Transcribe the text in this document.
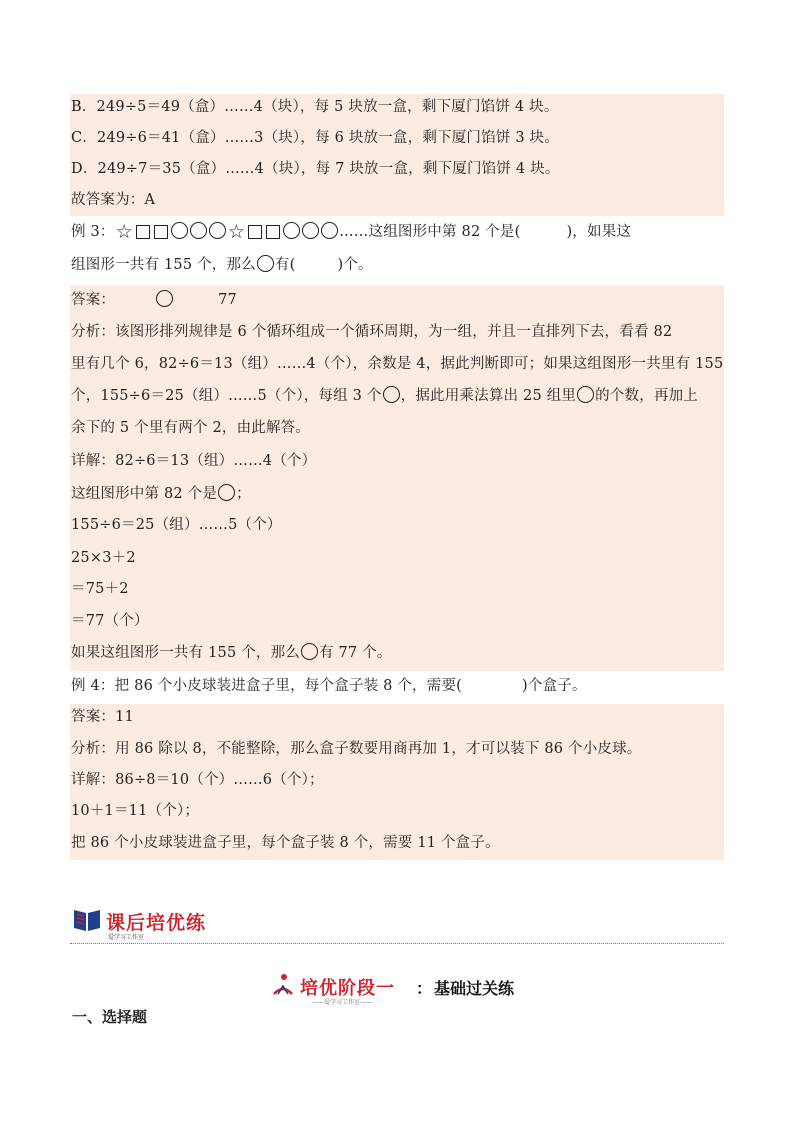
B．249÷5＝49（盒）……4（块），每 5 块放一盒，剩下厦门馅饼 4 块。
C．249÷6＝41（盒）……3（块），每 6 块放一盒，剩下厦门馅饼 3 块。
D．249÷7＝35（盒）……4（块），每 7 块放一盒，剩下厦门馅饼 4 块。
故答案为：A
例 3：☆	☆	……这组图形中第 82 个是(	)，如果这
组图形一共有 155 个，那么 有(	)个。
答案：	77
分析：该图形排列规律是 6 个循环组成一个循环周期，为一组，并且一直排列下去，看看 82
里有几个 6，82÷6＝13（组）……4（个），余数是 4，据此判断即可；如果这组图形一共里有 155
个，155÷6＝25（组）……5（个），每组 3 个 ，据此用乘法算出 25 组里 的个数，再加上
余下的 5 个里有两个 2，由此解答。
详解：82÷6＝13（组）……4（个）
这组图形中第 82 个是 ；
155÷6＝25（组）……5（个）
25×3＋2
＝75＋2
＝77（个）
如果这组图形一共有 155 个，那么 有 77 个。
例 4：把 86 个小皮球装进盒子里，每个盒子装 8 个，需要(	)个盒子。
答案：11
分析：用 86 除以 8，不能整除，那么盒子数要用商再加 1，才可以装下 86 个小皮球。
详解：86÷8＝10（个）……6（个）；
10＋1＝11（个）；
把 86 个小皮球装进盒子里，每个盒子装 8 个，需要 11 个盒子。
课后培优练
爱学习工作室
培优阶段一 ： 基础过关练
——爱学习工作室——
一、选择题
